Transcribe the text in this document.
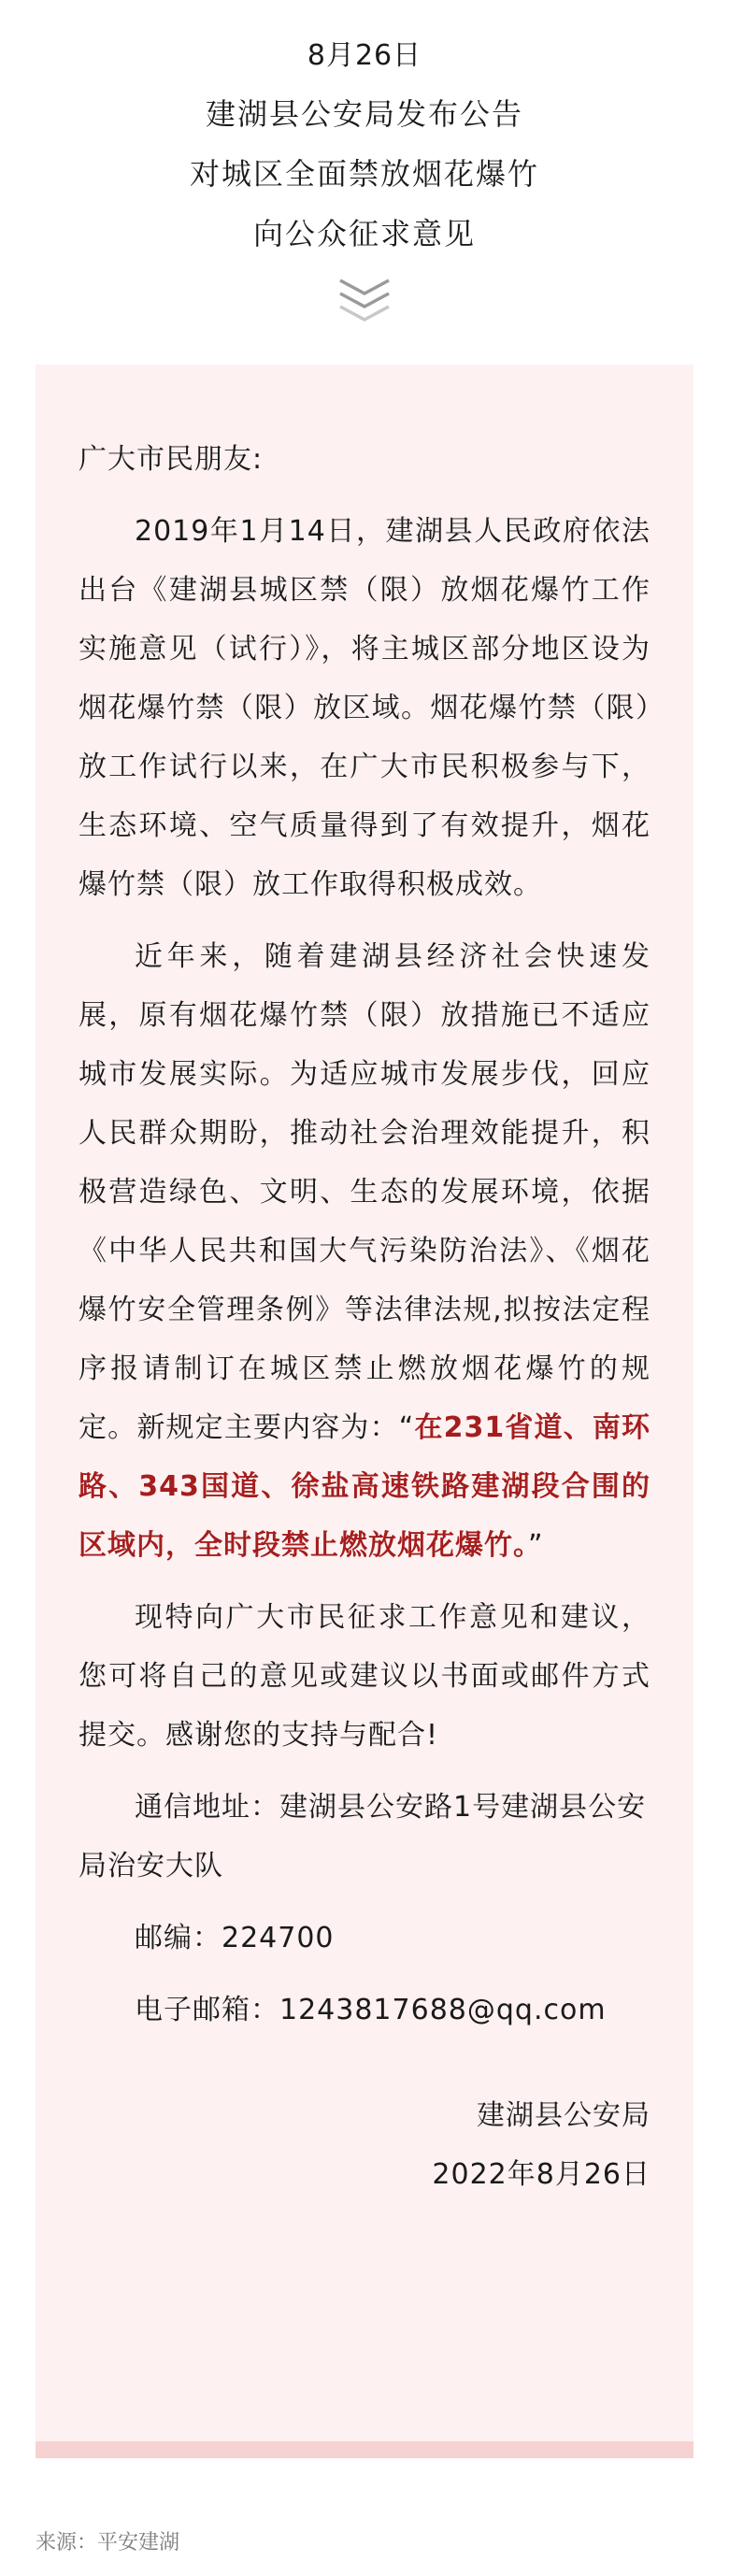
8月26日
建湖县公安局发布公告
对城区全面禁放烟花爆竹
向公众征求意见

广大市民朋友:

2019年1月14日，建湖县人民政府依法出台《建湖县城区禁（限）放烟花爆竹工作实施意见（试行）》，将主城区部分地区设为烟花爆竹禁（限）放区域。烟花爆竹禁（限）放工作试行以来，在广大市民积极参与下，生态环境、空气质量得到了有效提升，烟花爆竹禁（限）放工作取得积极成效。

近年来，随着建湖县经济社会快速发展，原有烟花爆竹禁（限）放措施已不适应城市发展实际。为适应城市发展步伐，回应人民群众期盼，推动社会治理效能提升，积极营造绿色、文明、生态的发展环境，依据《中华人民共和国大气污染防治法》、《烟花爆竹安全管理条例》等法律法规,拟按法定程序报请制订在城区禁止燃放烟花爆竹的规定。新规定主要内容为：“在231省道、南环路、343国道、徐盐高速铁路建湖段合围的区域内，全时段禁止燃放烟花爆竹。”

现特向广大市民征求工作意见和建议，您可将自己的意见或建议以书面或邮件方式提交。感谢您的支持与配合!

通信地址：建湖县公安路1号建湖县公安局治安大队

邮编：224700

电子邮箱：1243817688@qq.com

建湖县公安局
2022年8月26日
来源：平安建湖
